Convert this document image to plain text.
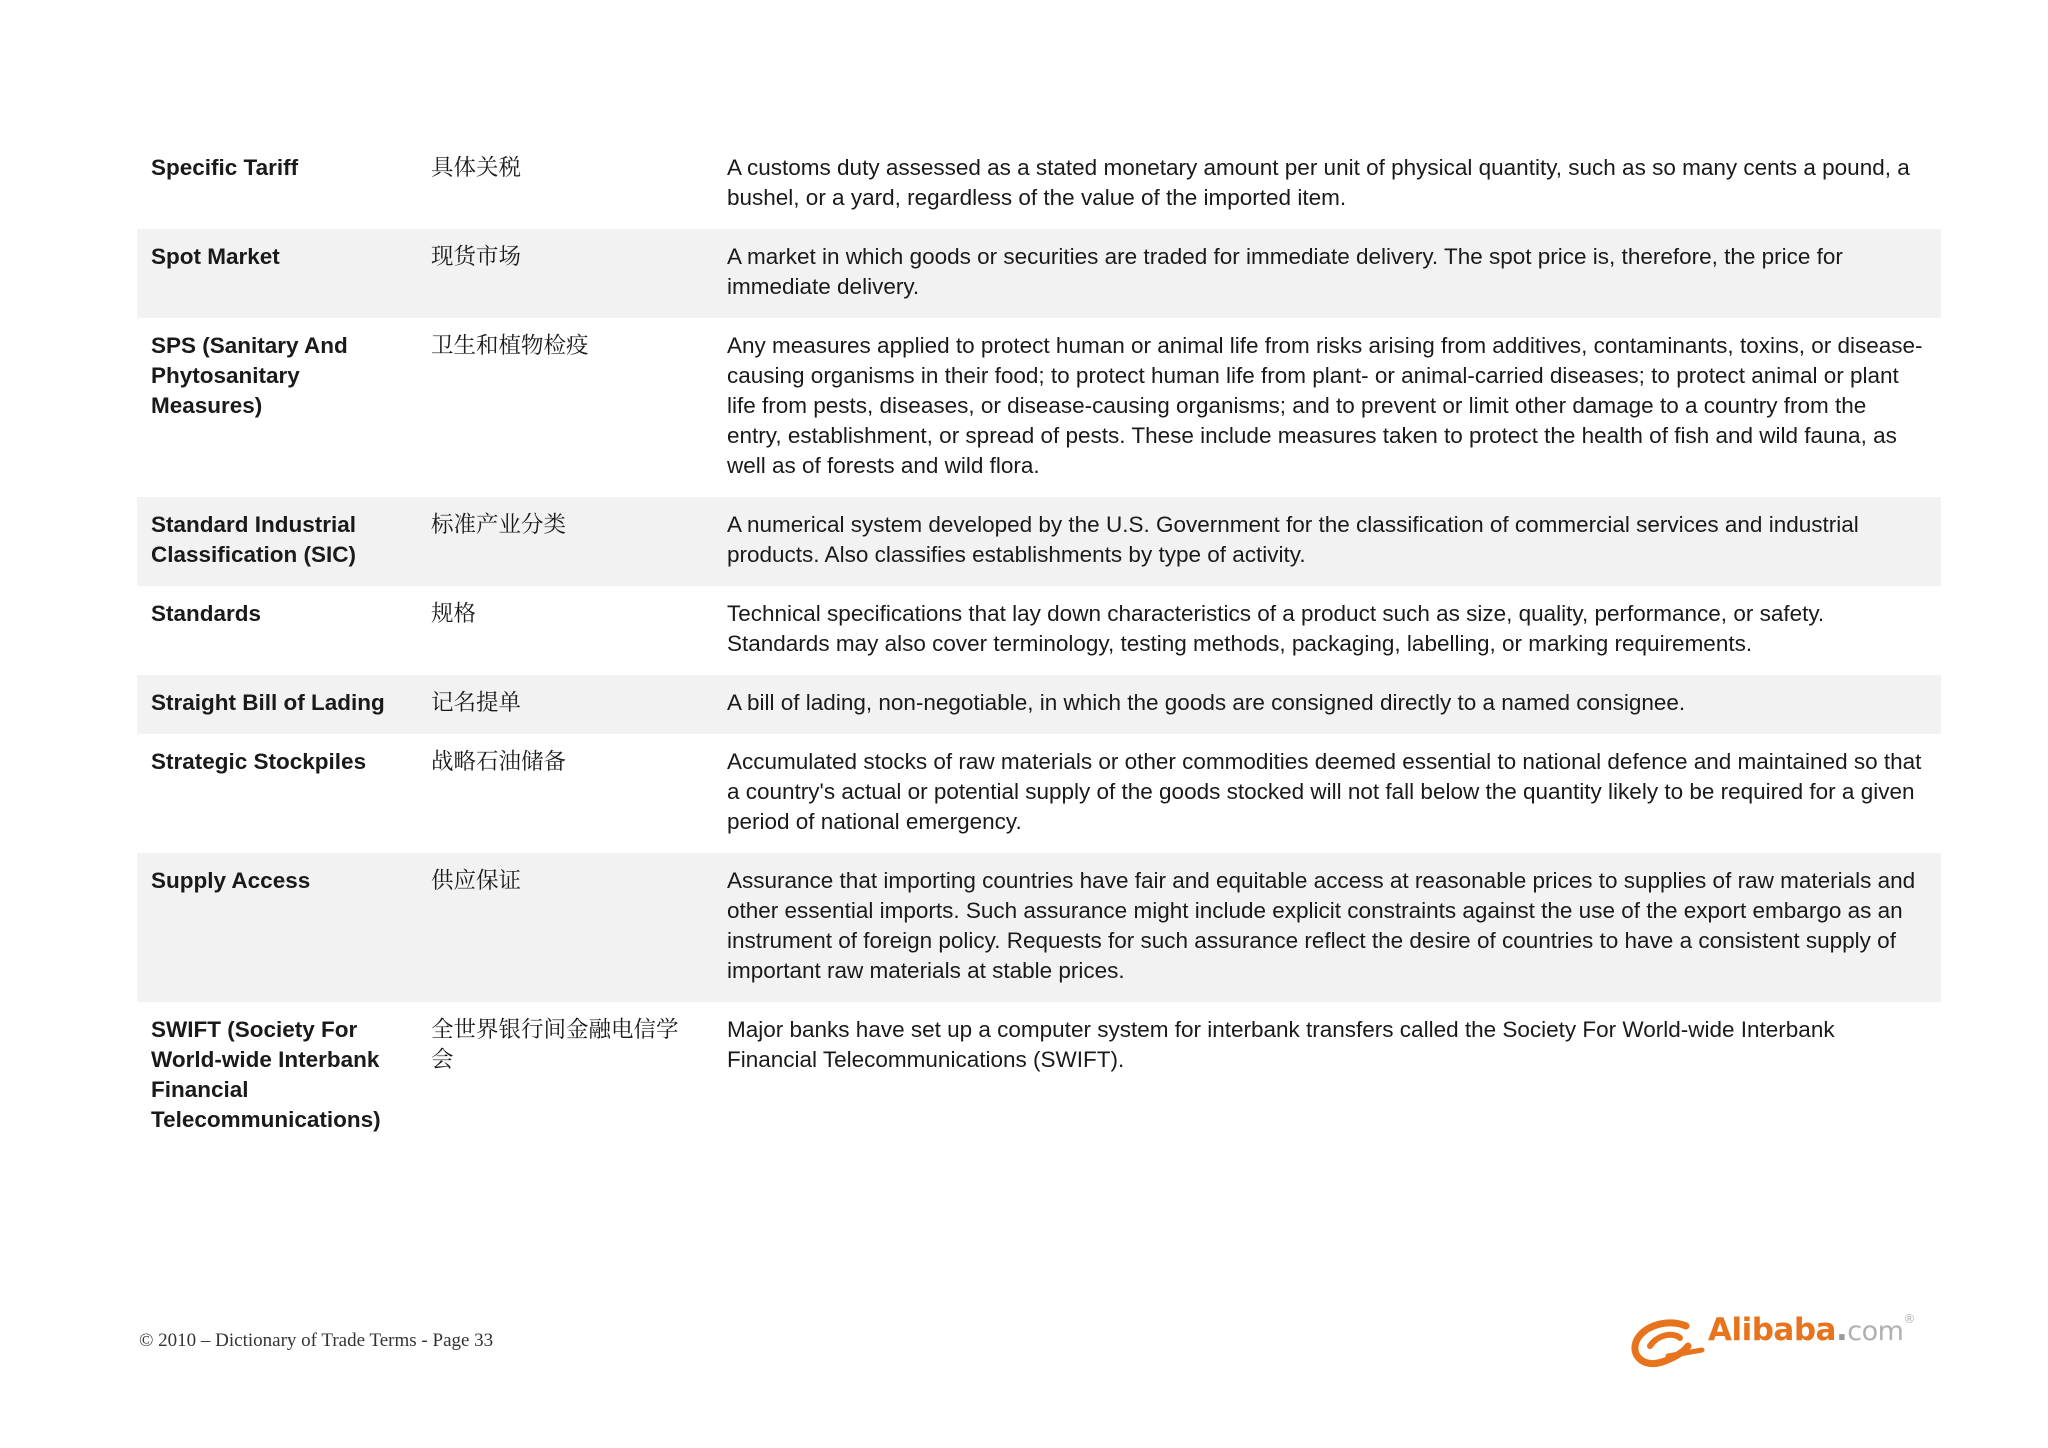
Specific Tariff	具体关税	A customs duty assessed as a stated monetary amount per unit of physical quantity, such as so many cents a pound, a bushel, or a yard, regardless of the value of the imported item.
Spot Market	现货市场	A market in which goods or securities are traded for immediate delivery. The spot price is, therefore, the price for immediate delivery.
SPS (Sanitary And Phytosanitary Measures)	卫生和植物检疫	Any measures applied to protect human or animal life from risks arising from additives, contaminants, toxins, or disease-causing organisms in their food; to protect human life from plant- or animal-carried diseases; to protect animal or plant life from pests, diseases, or disease-causing organisms; and to prevent or limit other damage to a country from the entry, establishment, or spread of pests. These include measures taken to protect the health of fish and wild fauna, as well as of forests and wild flora.
Standard Industrial Classification (SIC)	标准产业分类	A numerical system developed by the U.S. Government for the classification of commercial services and industrial products. Also classifies establishments by type of activity.
Standards	规格	Technical specifications that lay down characteristics of a product such as size, quality, performance, or safety. Standards may also cover terminology, testing methods, packaging, labelling, or marking requirements.
Straight Bill of Lading	记名提单	A bill of lading, non-negotiable, in which the goods are consigned directly to a named consignee.
Strategic Stockpiles	战略石油储备	Accumulated stocks of raw materials or other commodities deemed essential to national defence and maintained so that a country's actual or potential supply of the goods stocked will not fall below the quantity likely to be required for a given period of national emergency.
Supply Access	供应保证	Assurance that importing countries have fair and equitable access at reasonable prices to supplies of raw materials and other essential imports. Such assurance might include explicit constraints against the use of the export embargo as an instrument of foreign policy. Requests for such assurance reflect the desire of countries to have a consistent supply of important raw materials at stable prices.
SWIFT (Society For World-wide Interbank Financial Telecommunications)	全世界银行间金融电信学会	Major banks have set up a computer system for interbank transfers called the Society For World-wide Interbank Financial Telecommunications (SWIFT).
© 2010 – Dictionary of Trade Terms - Page 33	Alibaba.com®
